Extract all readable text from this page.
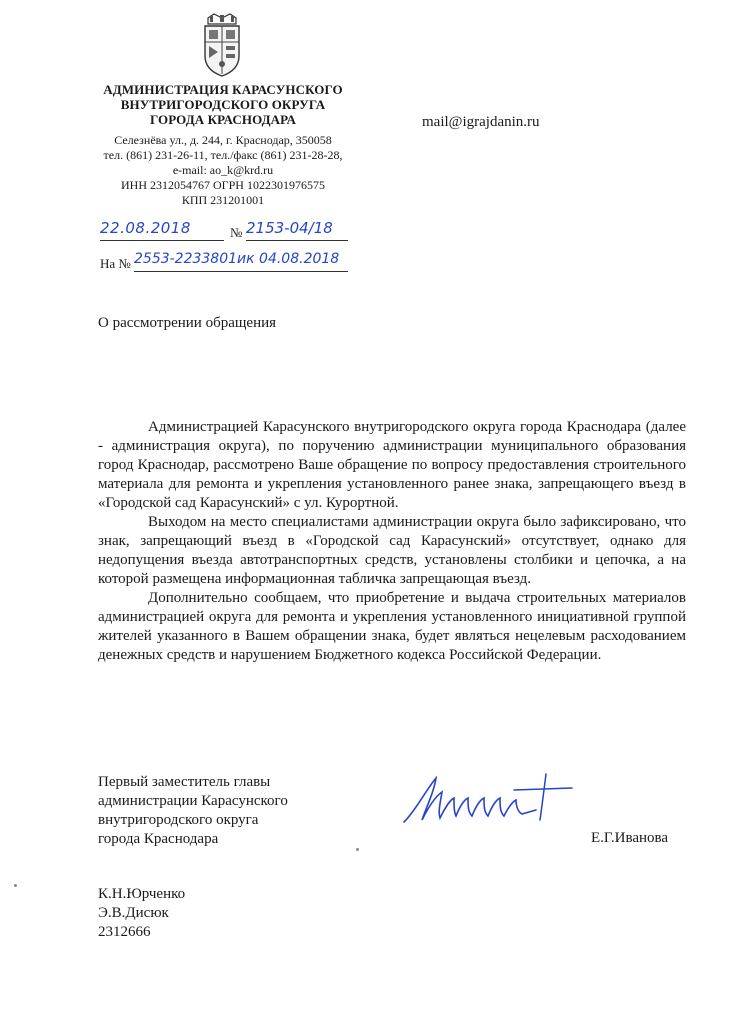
АДМИНИСТРАЦИЯ КАРАСУНСКОГО
ВНУТРИГОРОДСКОГО ОКРУГА
ГОРОДА КРАСНОДАРА
Селезнёва ул., д. 244, г. Краснодар, 350058
тел. (861) 231-26-11, тел./факс (861) 231-28-28,
e-mail: ao_k@krd.ru
ИНН 2312054767 ОГРН 1022301976575
КПП 231201001
mail@igrajdanin.ru
22.08.2018	№ 2153-04/18
На № 2553-2233801ик 04.08.2018
О рассмотрении обращения

Администрацией Карасунского внутригородского округа города Краснодара (далее - администрация округа), по поручению администрации муниципального образования город Краснодар, рассмотрено Ваше обращение по вопросу предоставления строительного материала для ремонта и укрепления установленного ранее знака, запрещающего въезд в «Городской сад Карасунский» с ул. Курортной.

Выходом на место специалистами администрации округа было зафиксировано, что знак, запрещающий въезд в «Городской сад Карасунский» отсутствует, однако для недопущения въезда автотранспортных средств, установлены столбики и цепочка, а на которой размещена информационная табличка запрещающая въезд.

Дополнительно сообщаем, что приобретение и выдача строительных материалов администрацией округа для ремонта и укрепления установленного инициативной группой жителей указанного в Вашем обращении знака, будет являться нецелевым расходованием денежных средств и нарушением Бюджетного кодекса Российской Федерации.

Первый заместитель главы
администрации Карасунского
внутригородского округа
города Краснодара	Е.Г.Иванова
К.Н.Юрченко
Э.В.Дисюк
2312666
